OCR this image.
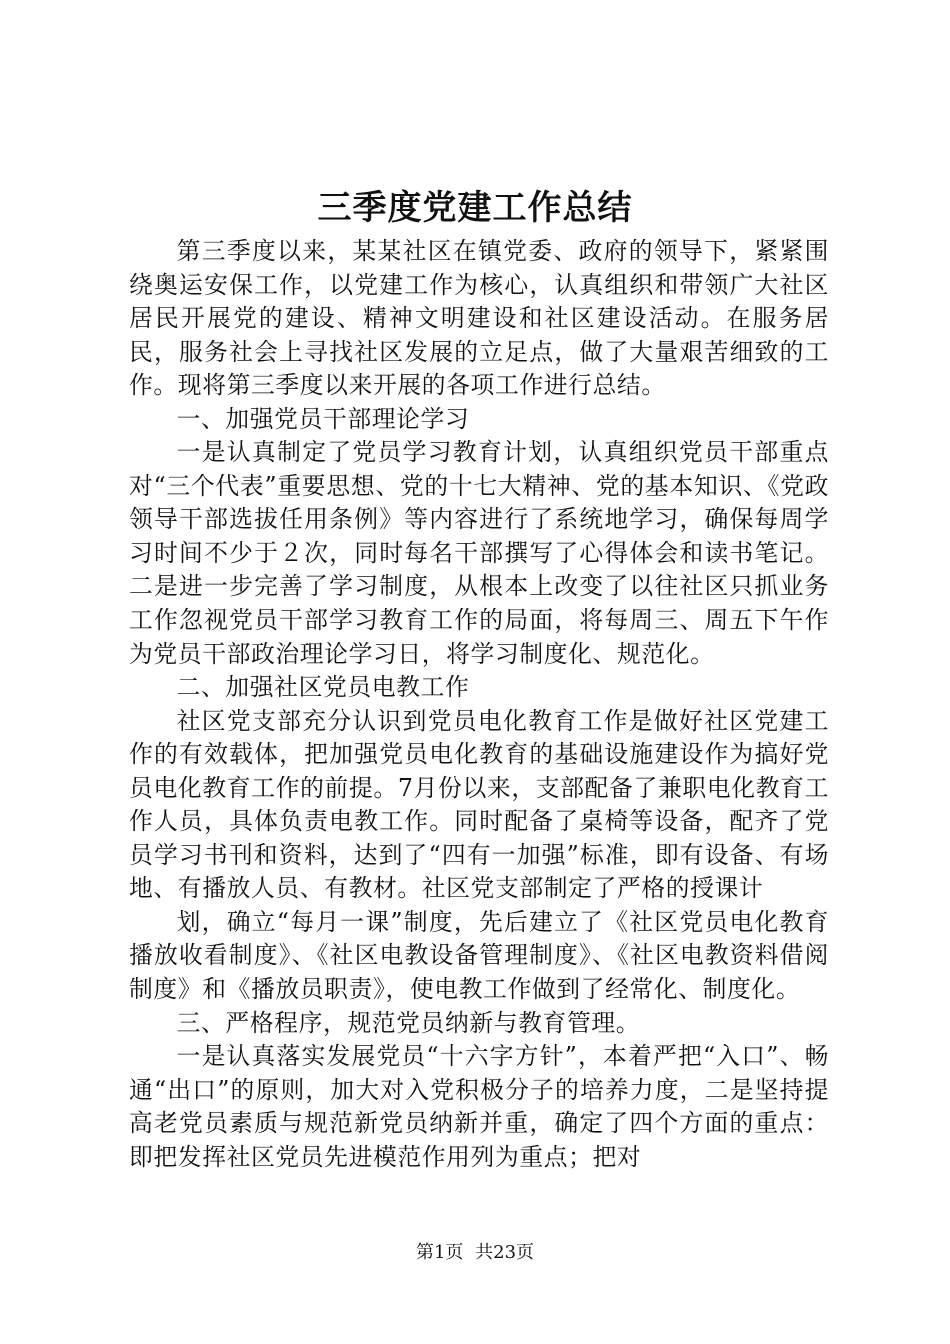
三季度党建工作总结

第三季度以来，某某社区在镇党委、政府的领导下，紧紧围绕奥运安保工作，以党建工作为核心，认真组织和带领广大社区居民开展党的建设、精神文明建设和社区建设活动。在服务居民，服务社会上寻找社区发展的立足点，做了大量艰苦细致的工作。现将第三季度以来开展的各项工作进行总结。

一、加强党员干部理论学习

一是认真制定了党员学习教育计划，认真组织党员干部重点对“三个代表”重要思想、党的十七大精神、党的基本知识、《党政领导干部选拔任用条例》等内容进行了系统地学习，确保每周学习时间不少于２次，同时每名干部撰写了心得体会和读书笔记。二是进一步完善了学习制度，从根本上改变了以往社区只抓业务工作忽视党员干部学习教育工作的局面，将每周三、周五下午作为党员干部政治理论学习日，将学习制度化、规范化。

二、加强社区党员电教工作

社区党支部充分认识到党员电化教育工作是做好社区党建工作的有效载体，把加强党员电化教育的基础设施建设作为搞好党员电化教育工作的前提。7月份以来，支部配备了兼职电化教育工作人员，具体负责电教工作。同时配备了桌椅等设备，配齐了党员学习书刊和资料，达到了“四有一加强”标准，即有设备、有场地、有播放人员、有教材。社区党支部制定了严格的授课计

划，确立“每月一课”制度，先后建立了《社区党员电化教育播放收看制度》、《社区电教设备管理制度》、《社区电教资料借阅制度》和《播放员职责》，使电教工作做到了经常化、制度化。

三、严格程序，规范党员纳新与教育管理。

一是认真落实发展党员“十六字方针”，本着严把“入口”、畅通“出口”的原则，加大对入党积极分子的培养力度，二是坚持提高老党员素质与规范新党员纳新并重，确定了四个方面的重点：即把发挥社区党员先进模范作用列为重点；把对

第1页 共23页
